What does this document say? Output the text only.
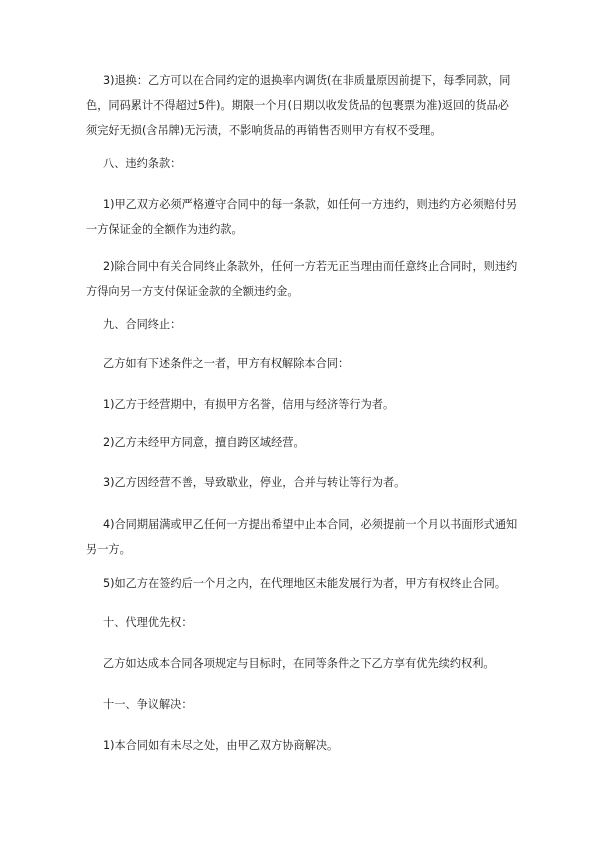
3)退换：乙方可以在合同约定的退换率内调货(在非质量原因前提下，每季同款，同色，同码累计不得超过5件)。期限一个月(日期以收发货品的包裹票为准)返回的货品必须完好无损(含吊牌)无污渍，不影响货品的再销售否则甲方有权不受理。

八、违约条款：

1)甲乙双方必须严格遵守合同中的每一条款，如任何一方违约，则违约方必须赔付另一方保证金的全额作为违约款。

2)除合同中有关合同终止条款外，任何一方若无正当理由而任意终止合同时，则违约方得向另一方支付保证金款的全额违约金。

九、合同终止：

乙方如有下述条件之一者，甲方有权解除本合同：

1)乙方于经营期中，有损甲方名誉，信用与经济等行为者。

2)乙方未经甲方同意，擅自跨区域经营。

3)乙方因经营不善，导致歇业，停业，合并与转让等行为者。

4)合同期届满或甲乙任何一方提出希望中止本合同，必须提前一个月以书面形式通知另一方。

5)如乙方在签约后一个月之内，在代理地区未能发展行为者，甲方有权终止合同。

十、代理优先权：

乙方如达成本合同各项规定与目标时，在同等条件之下乙方享有优先续约权利。

十一、争议解决：

1)本合同如有未尽之处，由甲乙双方协商解决。
